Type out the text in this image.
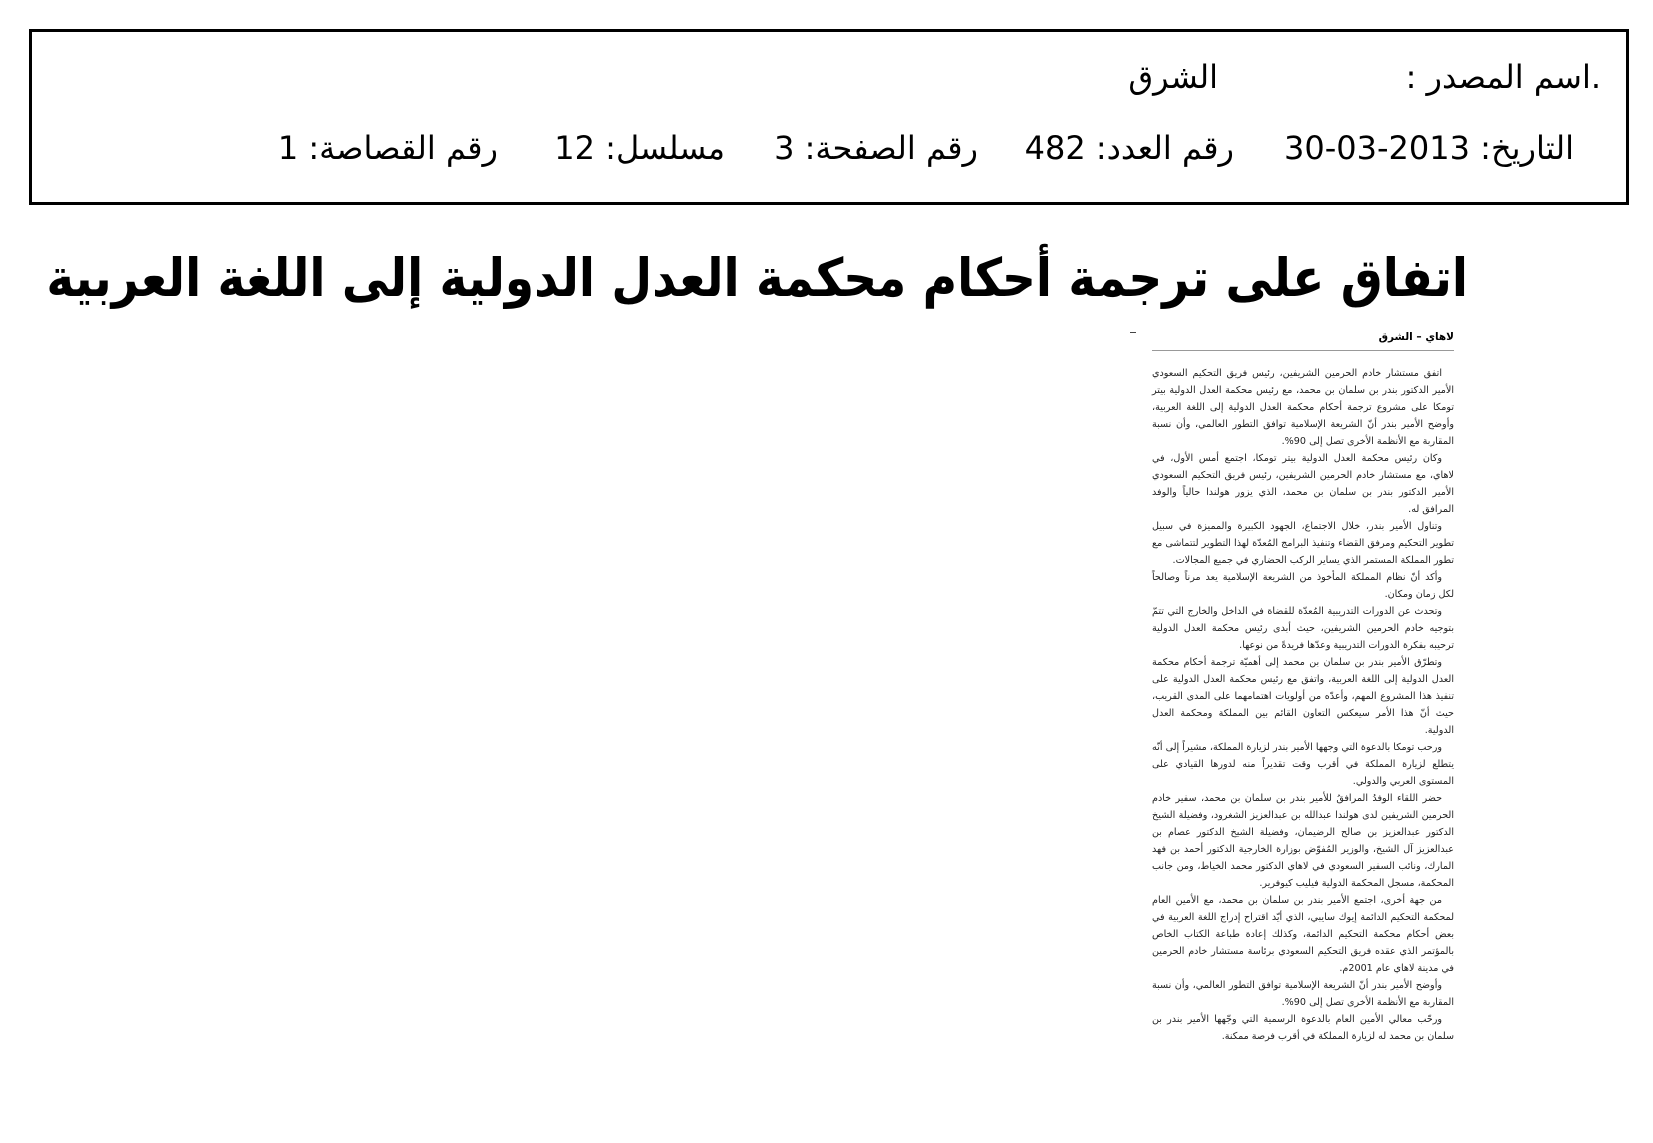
.اسم المصدر :
الشرق
التاريخ: 2013-03-30
رقم العدد: 482
رقم الصفحة: 3
مسلسل: 12
رقم القصاصة: 1
اتفاق على ترجمة أحكام محكمة العدل الدولية إلى اللغة العربية
لاهاي – الشرق

اتفق مستشار خادم الحرمين الشريفين، رئيس فريق التحكيم السعودي الأمير الدكتور بندر بن سلمان بن محمد، مع رئيس محكمة العدل الدولية بيتر تومكا على مشروع ترجمة أحكام محكمة العدل الدولية إلى اللغة العربية، وأوضح الأمير بندر أنّ الشريعة الإسلامية توافق التطور العالمي، وأن نسبة المقاربة مع الأنظمة الأخرى تصل إلى 90%.

وكان رئيس محكمة العدل الدولية بيتر تومكا، اجتمع أمس الأول، في لاهاي، مع مستشار خادم الحرمين الشريفين، رئيس فريق التحكيم السعودي الأمير الدكتور بندر بن سلمان بن محمد، الذي يزور هولندا حالياً والوفد المرافق له.

وتناول الأمير بندر، خلال الاجتماع، الجهود الكبيرة والمميزة في سبيل تطوير التحكيم ومرفق القضاء وتنفيذ البرامج المُعدّة لهذا التطوير لتتماشى مع تطور المملكة المستمر الذي يساير الركب الحضاري في جميع المجالات.

وأكد أنّ نظام المملكة المأخوذ من الشريعة الإسلامية يعد مرناً وصالحاً لكل زمان ومكان.

وتحدث عن الدورات التدريبية المُعدّة للقضاة في الداخل والخارج التي تتمّ بتوجيه خادم الحرمين الشريفين، حيث أبدى رئيس محكمة العدل الدولية ترحيبه بفكرة الدورات التدريبية وعدّها فريدةً من نوعها.

وتطرّق الأمير بندر بن سلمان بن محمد إلى أهميّة ترجمة أحكام محكمة العدل الدولية إلى اللغة العربية، واتفق مع رئيس محكمة العدل الدولية على تنفيذ هذا المشروع المهم، وأعدّه من أولويات اهتمامهما على المدى القريب، حيث أنّ هذا الأمر سيعكس التعاون القائم بين المملكة ومحكمة العدل الدولية.

ورحب تومكا بالدعوة التي وجهها الأمير بندر لزيارة المملكة، مشيراً إلى أنّه يتطلع لزيارة المملكة في أقرب وقت تقديراً منه لدورها القيادي على المستوى العربي والدولي.

حضر اللقاء الوفدُ المرافقُ للأمير بندر بن سلمان بن محمد، سفير خادم الحرمين الشريفين لدى هولندا عبدالله بن عبدالعزيز الشغرود، وفضيلة الشيخ الدكتور عبدالعزيز بن صالح الرضيمان، وفضيلة الشيخ الدكتور عصام بن عبدالعزيز آل الشيخ، والوزير المُفوّض بوزارة الخارجية الدكتور أحمد بن فهد المارك، ونائب السفير السعودي في لاهاي الدكتور محمد الخياط، ومن جانب المحكمة، مسجل المحكمة الدولية فيليب كيوفرير.

من جهة أخرى، اجتمع الأمير بندر بن سلمان بن محمد، مع الأمين العام لمحكمة التحكيم الدائمة إيوك سايبي، الذي أيّد اقتراح إدراج اللغة العربية في بعض أحكام محكمة التحكيم الدائمة، وكذلك إعادة طباعة الكتاب الخاص بالمؤتمر الذي عقده فريق التحكيم السعودي برئاسة مستشار خادم الحرمين في مدينة لاهاي عام 2001م.

وأوضح الأمير بندر أنّ الشريعة الإسلامية توافق التطور العالمي، وأن نسبة المقاربة مع الأنظمة الأخرى تصل إلى 90%.

ورحّب معالي الأمين العام بالدعوة الرسمية التي وجّهها الأمير بندر بن سلمان بن محمد له لزيارة المملكة في أقرب فرصة ممكنة.
